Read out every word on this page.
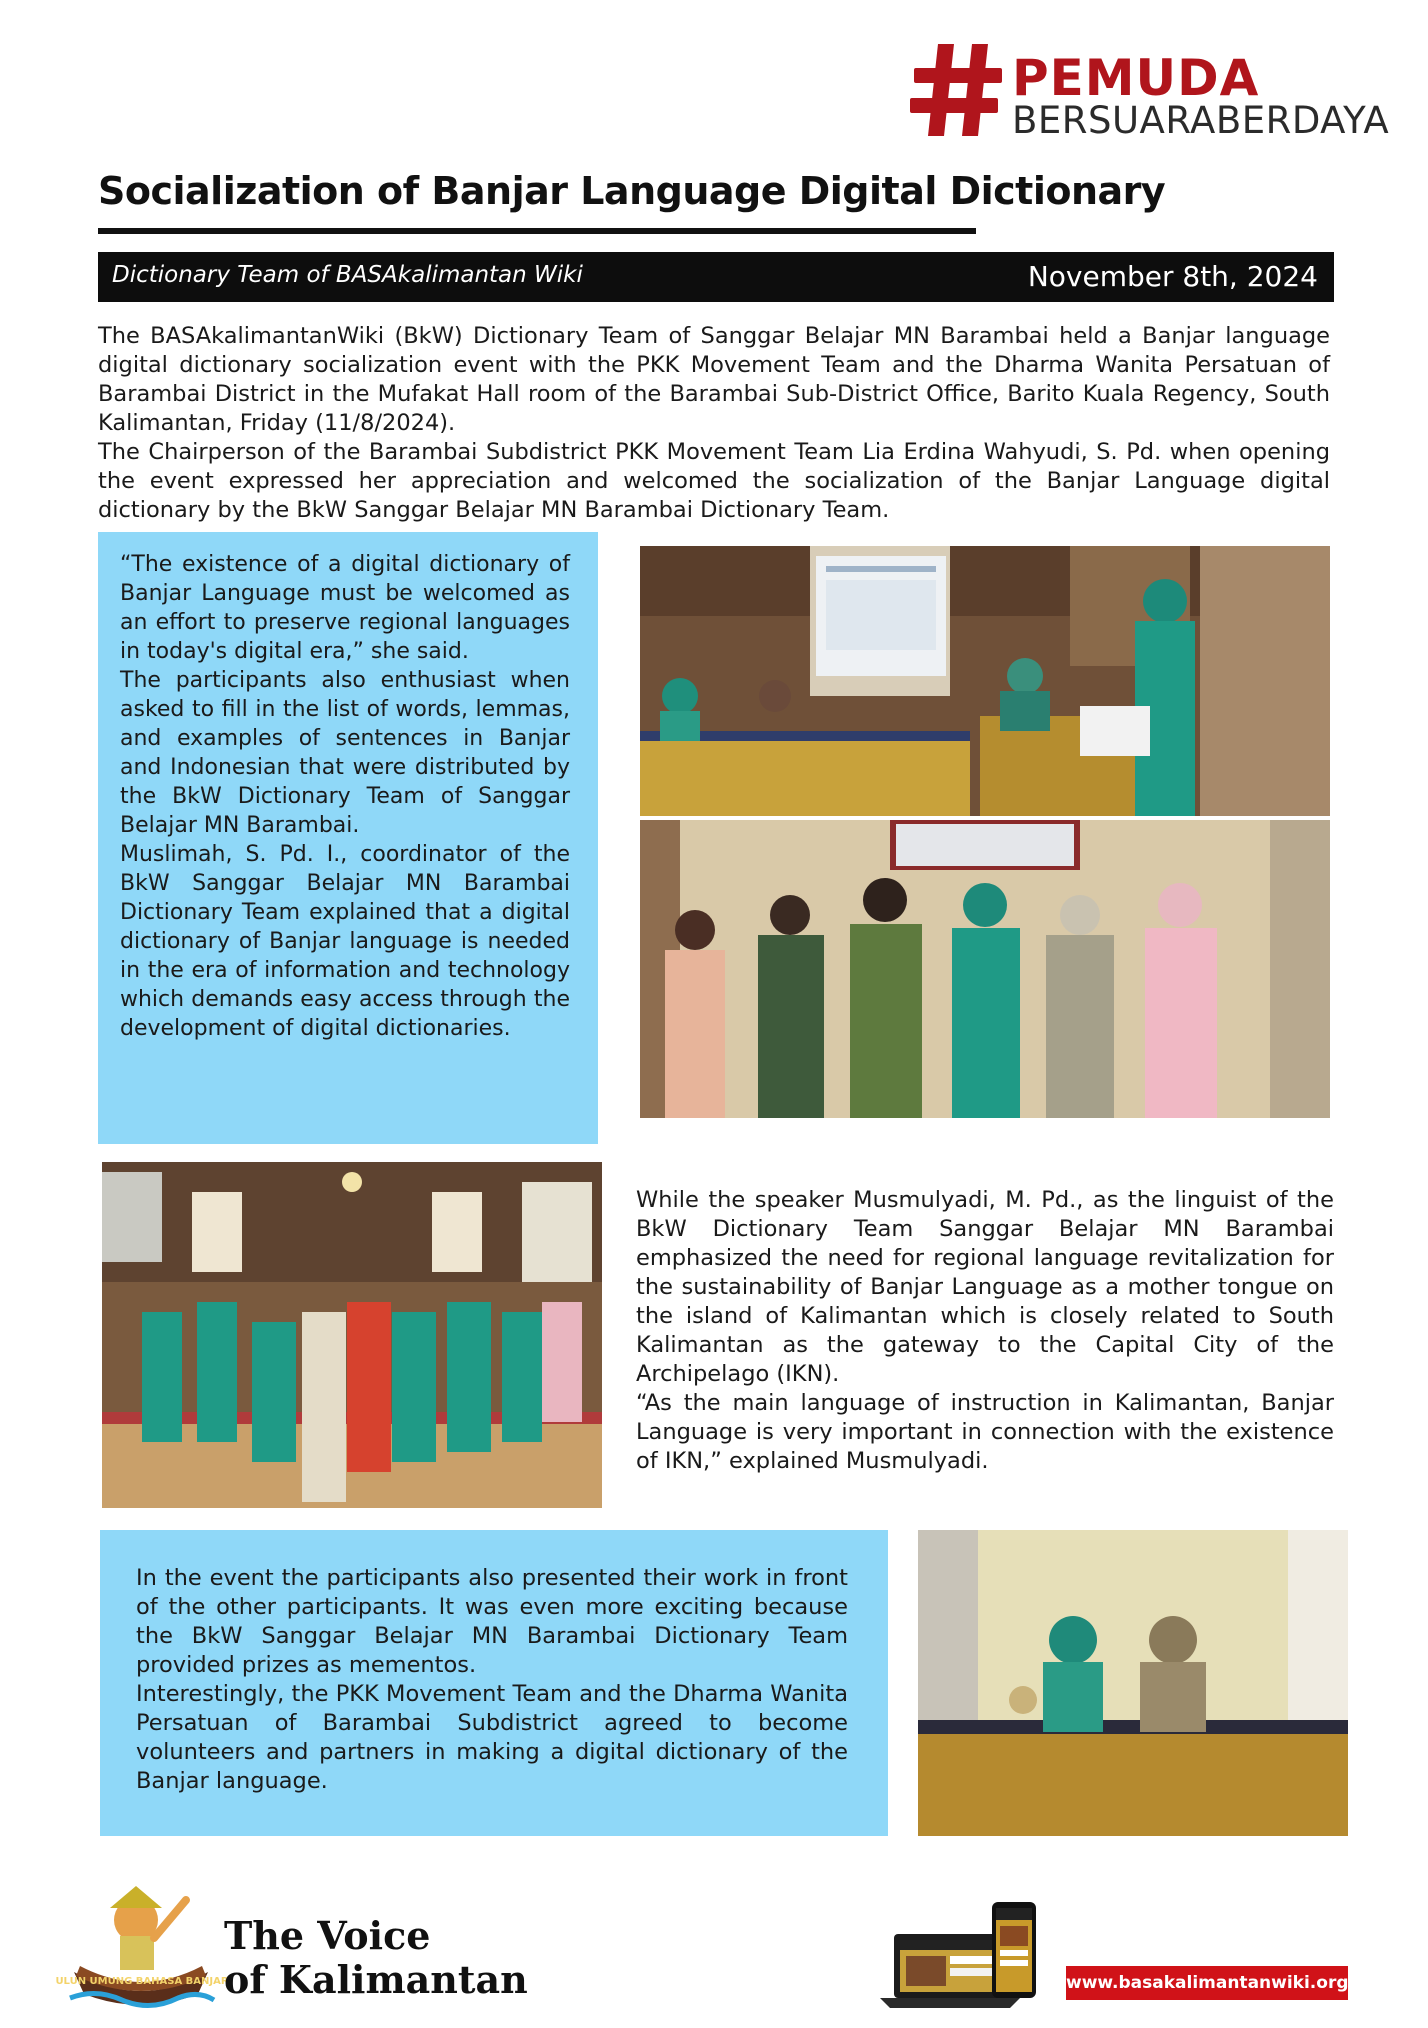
PEMUDA
BERSUARABERDAYA
Socialization of Banjar Language Digital Dictionary
Dictionary Team of BASAkalimantan Wiki	November 8th, 2024

The BASAkalimantanWiki (BkW) Dictionary Team of Sanggar Belajar MN Barambai held a Banjar language digital dictionary socialization event with the PKK Movement Team and the Dharma Wanita Persatuan of Barambai District in the Mufakat Hall room of the Barambai Sub-District Office, Barito Kuala Regency, South Kalimantan, Friday (11/8/2024).

The Chairperson of the Barambai Subdistrict PKK Movement Team Lia Erdina Wahyudi, S. Pd. when opening the event expressed her appreciation and welcomed the socialization of the Banjar Language digital dictionary by the BkW Sanggar Belajar MN Barambai Dictionary Team.

“The existence of a digital dictionary of Banjar Language must be welcomed as an effort to preserve regional languages in today's digital era,” she said.

The participants also enthusiast when asked to fill in the list of words, lemmas, and examples of sentences in Banjar and Indonesian that were distributed by the BkW Dictionary Team of Sanggar Belajar MN Barambai.

Muslimah, S. Pd. I., coordinator of the BkW Sanggar Belajar MN Barambai Dictionary Team explained that a digital dictionary of Banjar language is needed in the era of information and technology which demands easy access through the development of digital dictionaries.

While the speaker Musmulyadi, M. Pd., as the linguist of the BkW Dictionary Team Sanggar Belajar MN Barambai emphasized the need for regional language revitalization for the sustainability of Banjar Language as a mother tongue on the island of Kalimantan which is closely related to South Kalimantan as the gateway to the Capital City of the Archipelago (IKN).

“As the main language of instruction in Kalimantan, Banjar Language is very important in connection with the existence of IKN,” explained Musmulyadi.

In the event the participants also presented their work in front of the other participants. It was even more exciting because the BkW Sanggar Belajar MN Barambai Dictionary Team provided prizes as mementos.

Interestingly, the PKK Movement Team and the Dharma Wanita Persatuan of Barambai Subdistrict agreed to become volunteers and partners in making a digital dictionary of the Banjar language.

ULUN UMUNG BAHASA BANJAR
The Voice
of Kalimantan	www.basakalimantanwiki.org
